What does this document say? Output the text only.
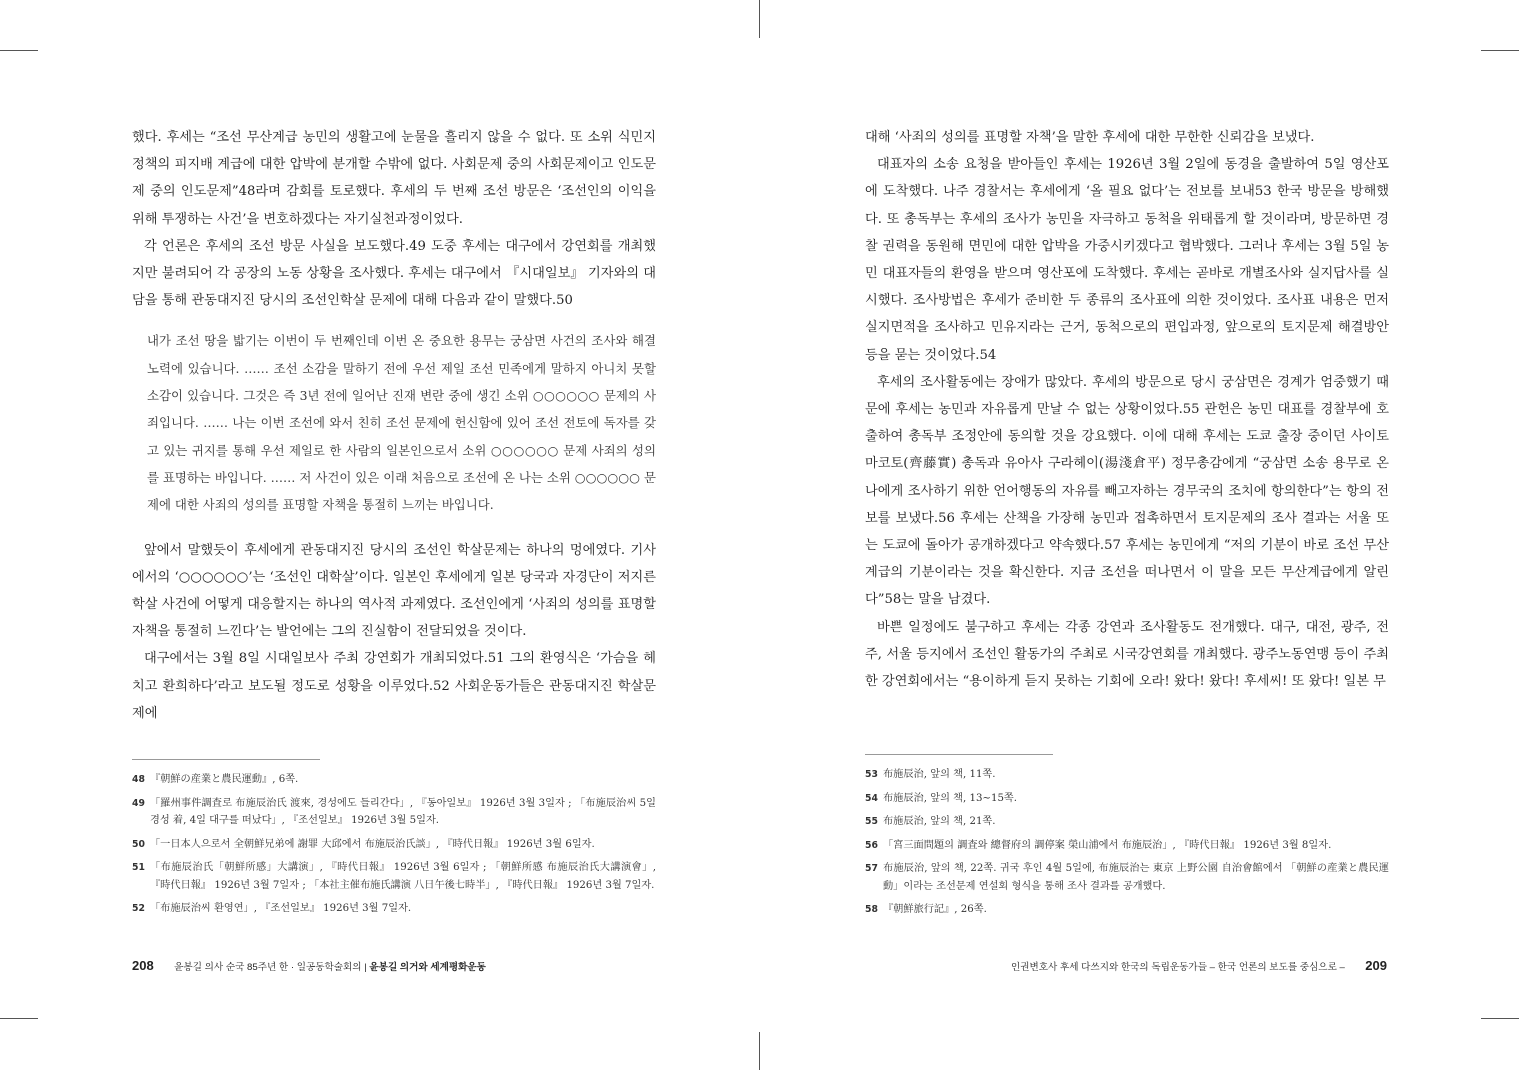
했다. 후세는 “조선 무산계급 농민의 생활고에 눈물을 흘리지 않을 수 없다. 또 소위 식민지 정책의 피지배 계급에 대한 압박에 분개할 수밖에 없다. 사회문제 중의 사회문제이고 인도문제 중의 인도문제”48라며 감회를 토로했다. 후세의 두 번째 조선 방문은 ‘조선인의 이익을 위해 투쟁하는 사건’을 변호하겠다는 자기실천과정이었다.

각 언론은 후세의 조선 방문 사실을 보도했다.49 도중 후세는 대구에서 강연회를 개최했지만 불려되어 각 공장의 노동 상황을 조사했다. 후세는 대구에서 『시대일보』 기자와의 대담을 통해 관동대지진 당시의 조선인학살 문제에 대해 다음과 같이 말했다.50

내가 조선 땅을 밟기는 이번이 두 번째인데 이번 온 중요한 용무는 궁삼면 사건의 조사와 해결 노력에 있습니다. …… 조선 소감을 말하기 전에 우선 제일 조선 민족에게 말하지 아니치 못할 소감이 있습니다. 그것은 즉 3년 전에 일어난 진재 변란 중에 생긴 소위 ○○○○○○ 문제의 사죄입니다. …… 나는 이번 조선에 와서 친히 조선 문제에 헌신함에 있어 조선 전토에 독자를 갖고 있는 귀지를 통해 우선 제일로 한 사람의 일본인으로서 소위 ○○○○○○ 문제 사죄의 성의를 표명하는 바입니다. …… 저 사건이 있은 이래 처음으로 조선에 온 나는 소위 ○○○○○○ 문제에 대한 사죄의 성의를 표명할 자책을 통절히 느끼는 바입니다.

앞에서 말했듯이 후세에게 관동대지진 당시의 조선인 학살문제는 하나의 멍에였다. 기사에서의 ‘○○○○○○’는 ‘조선인 대학살’이다. 일본인 후세에게 일본 당국과 자경단이 저지른 학살 사건에 어떻게 대응할지는 하나의 역사적 과제였다. 조선인에게 ‘사죄의 성의를 표명할 자책을 통절히 느낀다’는 발언에는 그의 진실함이 전달되었을 것이다.

대구에서는 3월 8일 시대일보사 주최 강연회가 개최되었다.51 그의 환영식은 ‘가슴을 헤치고 환희하다’라고 보도될 정도로 성황을 이루었다.52 사회운동가들은 관동대지진 학살문제에

48 『朝鮮の産業と農民運動』, 6쪽.
49 「羅州事件調査로 布施辰治氏 渡來, 경성에도 들리간다」, 『동아일보』 1926년 3월 3일자 ; 「布施辰治씨 5일 경성 着, 4일 대구를 떠났다」, 『조선일보』 1926년 3월 5일자.
50 「一日本人으로서 全朝鮮兄弟에 謝罪 大邱에서 布施辰治氏談」, 『時代日報』 1926년 3월 6일자.
51 「布施辰治氏「朝鮮所感」大講演」, 『時代日報』 1926년 3월 6일자 ; 「朝鮮所感 布施辰治氏大講演會」, 『時代日報』 1926년 3월 7일자 ; 「本社主催布施氏講演 八日午後七時半」, 『時代日報』 1926년 3월 7일자.
52 「布施辰治씨 환영연」, 『조선일보』 1926년 3월 7일자.
208 윤봉길 의사 순국 85주년 한 · 일공동학술회의 | 윤봉길 의거와 세계평화운동

대해 ‘사죄의 성의를 표명할 자책’을 말한 후세에 대한 무한한 신뢰감을 보냈다.

대표자의 소송 요청을 받아들인 후세는 1926년 3월 2일에 동경을 출발하여 5일 영산포에 도착했다. 나주 경찰서는 후세에게 ‘올 필요 없다’는 전보를 보내53 한국 방문을 방해했다. 또 총독부는 후세의 조사가 농민을 자극하고 동척을 위태롭게 할 것이라며, 방문하면 경찰 권력을 동원해 면민에 대한 압박을 가중시키겠다고 협박했다. 그러나 후세는 3월 5일 농민 대표자들의 환영을 받으며 영산포에 도착했다. 후세는 곧바로 개별조사와 실지답사를 실시했다. 조사방법은 후세가 준비한 두 종류의 조사표에 의한 것이었다. 조사표 내용은 먼저 실지면적을 조사하고 민유지라는 근거, 동척으로의 편입과정, 앞으로의 토지문제 해결방안 등을 묻는 것이었다.54

후세의 조사활동에는 장애가 많았다. 후세의 방문으로 당시 궁삼면은 경계가 엄중했기 때문에 후세는 농민과 자유롭게 만날 수 없는 상황이었다.55 관헌은 농민 대표를 경찰부에 호출하여 총독부 조정안에 동의할 것을 강요했다. 이에 대해 후세는 도쿄 출장 중이던 사이토 마코토(齊藤實) 총독과 유아사 구라헤이(湯淺倉平) 정무총감에게 “궁삼면 소송 용무로 온 나에게 조사하기 위한 언어행동의 자유를 빼고자하는 경무국의 조치에 항의한다”는 항의 전보를 보냈다.56 후세는 산책을 가장해 농민과 접촉하면서 토지문제의 조사 결과는 서울 또는 도쿄에 돌아가 공개하겠다고 약속했다.57 후세는 농민에게 “저의 기분이 바로 조선 무산계급의 기분이라는 것을 확신한다. 지금 조선을 떠나면서 이 말을 모든 무산계급에게 알린다”58는 말을 남겼다.

바쁜 일정에도 불구하고 후세는 각종 강연과 조사활동도 전개했다. 대구, 대전, 광주, 전주, 서울 등지에서 조선인 활동가의 주최로 시국강연회를 개최했다. 광주노동연맹 등이 주최한 강연회에서는 “용이하게 듣지 못하는 기회에 오라! 왔다! 왔다! 후세씨! 또 왔다! 일본 무

53 布施辰治, 앞의 책, 11쪽.
54 布施辰治, 앞의 책, 13∼15쪽.
55 布施辰治, 앞의 책, 21쪽.
56 「宮三面問題의 調査와 總督府의 調停案 榮山浦에서 布施辰治」, 『時代日報』 1926년 3월 8일자.
57 布施辰治, 앞의 책, 22쪽. 귀국 후인 4월 5일에, 布施辰治는 東京 上野公園 自治會館에서 「朝鮮の産業と農民運動」이라는 조선문제 연설회 형식을 통해 조사 결과를 공개했다.
58 『朝鮮旅行記』, 26쪽.
인권변호사 후세 다쓰지와 한국의 독립운동가들 – 한국 언론의 보도를 중심으로 – 209
